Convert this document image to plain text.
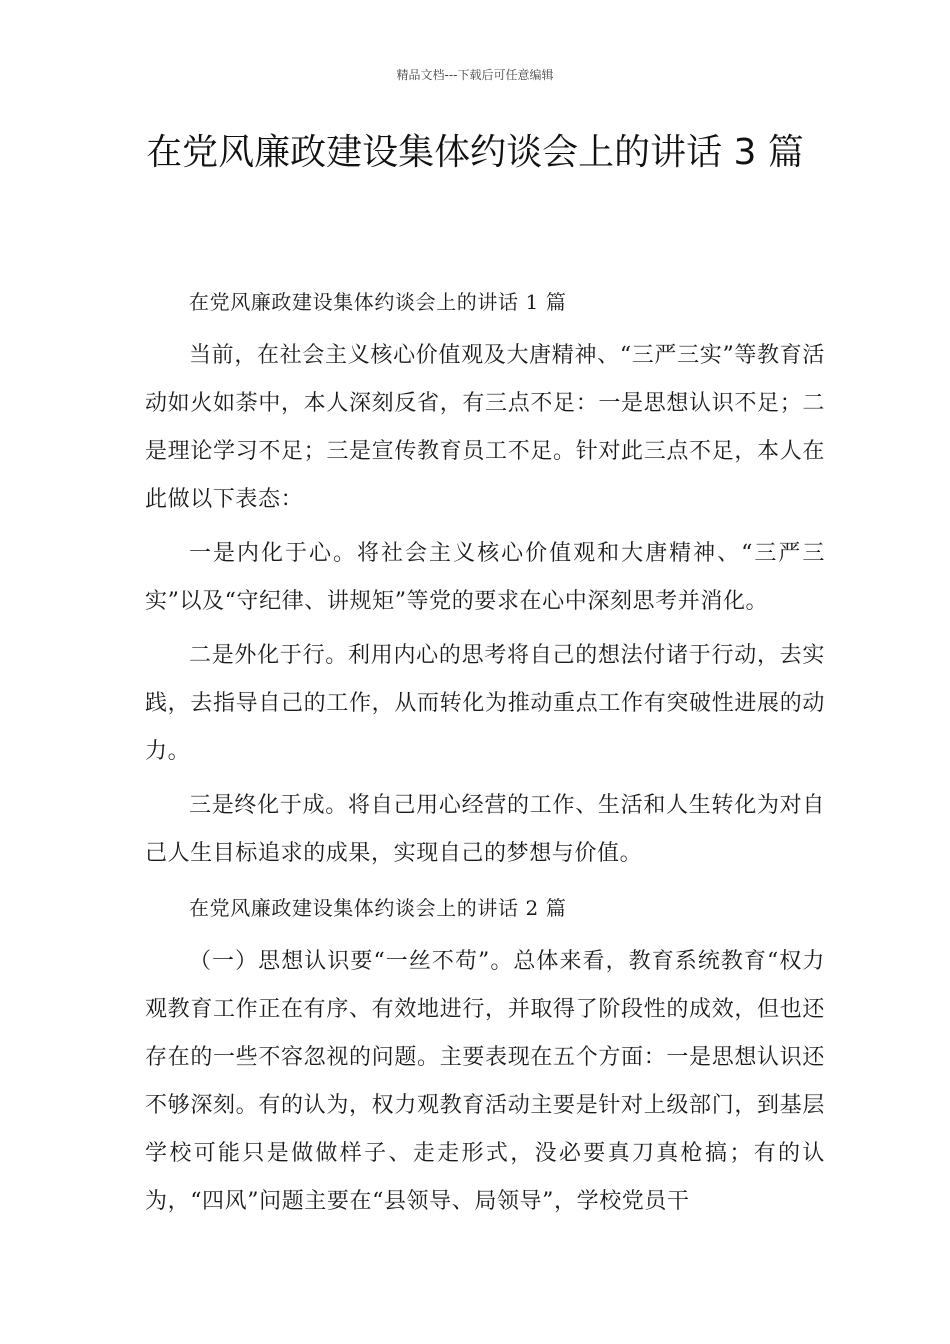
精品文档---下载后可任意编辑
在党风廉政建设集体约谈会上的讲话 3 篇

在党风廉政建设集体约谈会上的讲话 1 篇

当前，在社会主义核心价值观及大唐精神、“三严三实”等教育活动如火如荼中，本人深刻反省，有三点不足：一是思想认识不足；二是理论学习不足；三是宣传教育员工不足。针对此三点不足，本人在此做以下表态：

一是内化于心。将社会主义核心价值观和大唐精神、“三严三实”以及“守纪律、讲规矩”等党的要求在心中深刻思考并消化。

二是外化于行。利用内心的思考将自己的想法付诸于行动，去实践，去指导自己的工作，从而转化为推动重点工作有突破性进展的动力。

三是终化于成。将自己用心经营的工作、生活和人生转化为对自己人生目标追求的成果，实现自己的梦想与价值。

在党风廉政建设集体约谈会上的讲话 2 篇

（一）思想认识要“一丝不苟”。总体来看，教育系统教育“权力观教育工作正在有序、有效地进行，并取得了阶段性的成效，但也还存在的一些不容忽视的问题。主要表现在五个方面：一是思想认识还不够深刻。有的认为，权力观教育活动主要是针对上级部门，到基层学校可能只是做做样子、走走形式，没必要真刀真枪搞；有的认为，“四风”问题主要在“县领导、局领导”，学校党员干
